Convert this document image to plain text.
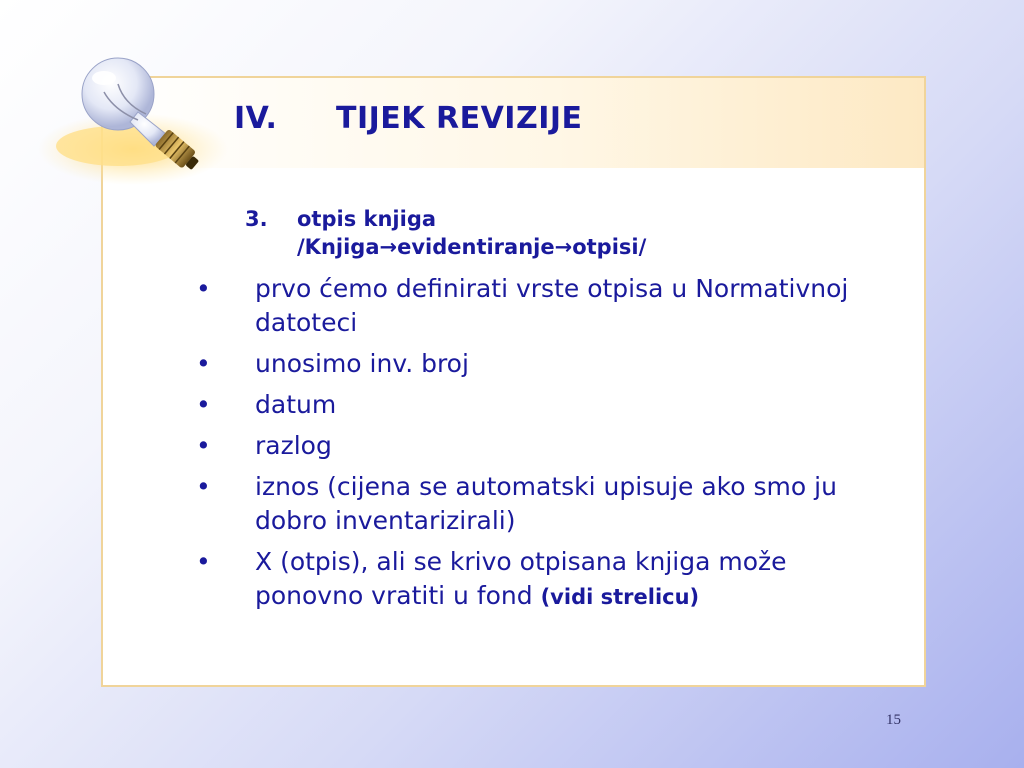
IV. TIJEK REVIZIJE
3. otpis knjiga
/Knjiga→evidentiranje→otpisi/
• prvo ćemo definirati vrste otpisa u Normativnoj datoteci
• unosimo inv. broj
• datum
• razlog
• iznos (cijena se automatski upisuje ako smo ju dobro inventarizirali)
• X (otpis), ali se krivo otpisana knjiga može ponovno vratiti u fond (vidi strelicu)
15
